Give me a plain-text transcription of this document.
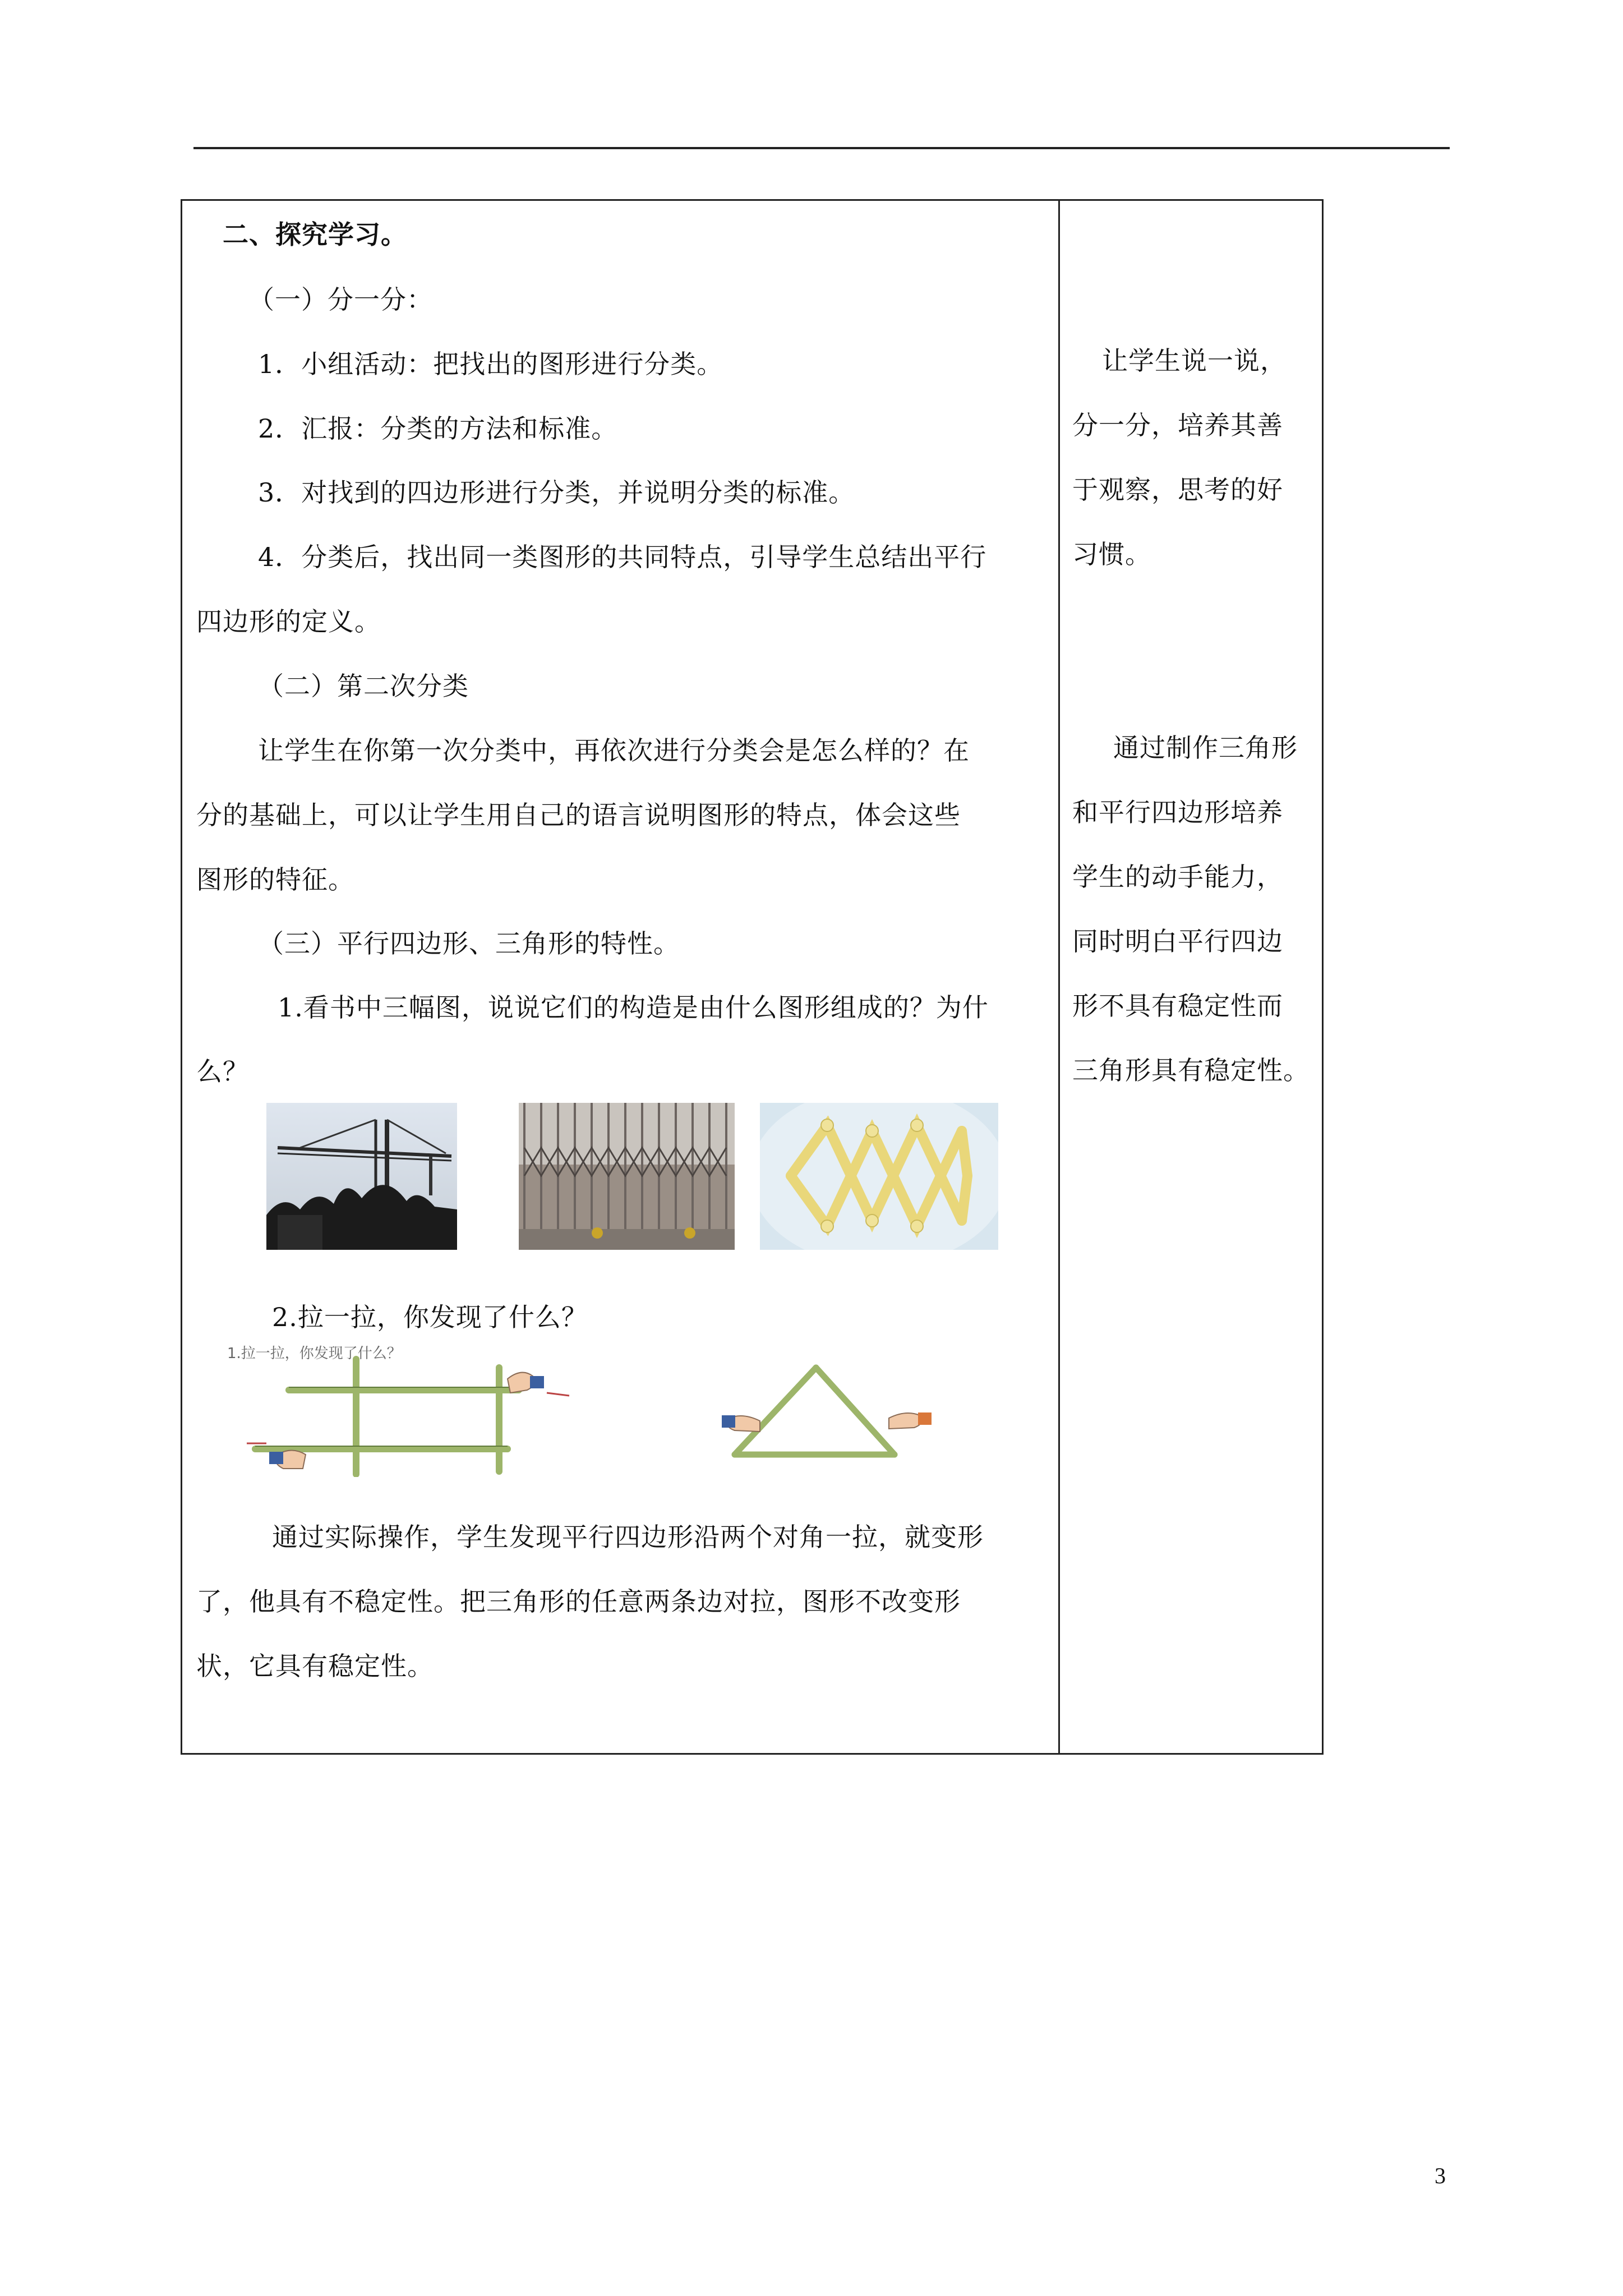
二、探究学习。
（一）分一分：
1．小组活动：把找出的图形进行分类。
2．汇报：分类的方法和标准。
3．对找到的四边形进行分类，并说明分类的标准。
4．分类后，找出同一类图形的共同特点，引导学生总结出平行
四边形的定义。
（二）第二次分类
让学生在你第一次分类中，再依次进行分类会是怎么样的？在
分的基础上，可以让学生用自己的语言说明图形的特点，体会这些
图形的特征。
（三）平行四边形、三角形的特性。
1.看书中三幅图，说说它们的构造是由什么图形组成的？为什
么？
2.拉一拉，你发现了什么？
1.拉一拉，你发现了什么？
通过实际操作，学生发现平行四边形沿两个对角一拉，就变形
了，他具有不稳定性。把三角形的任意两条边对拉，图形不改变形
状，它具有稳定性。
让学生说一说，
分一分，培养其善
于观察，思考的好
习惯。
通过制作三角形
和平行四边形培养
学生的动手能力，
同时明白平行四边
形不具有稳定性而
三角形具有稳定性。
3
